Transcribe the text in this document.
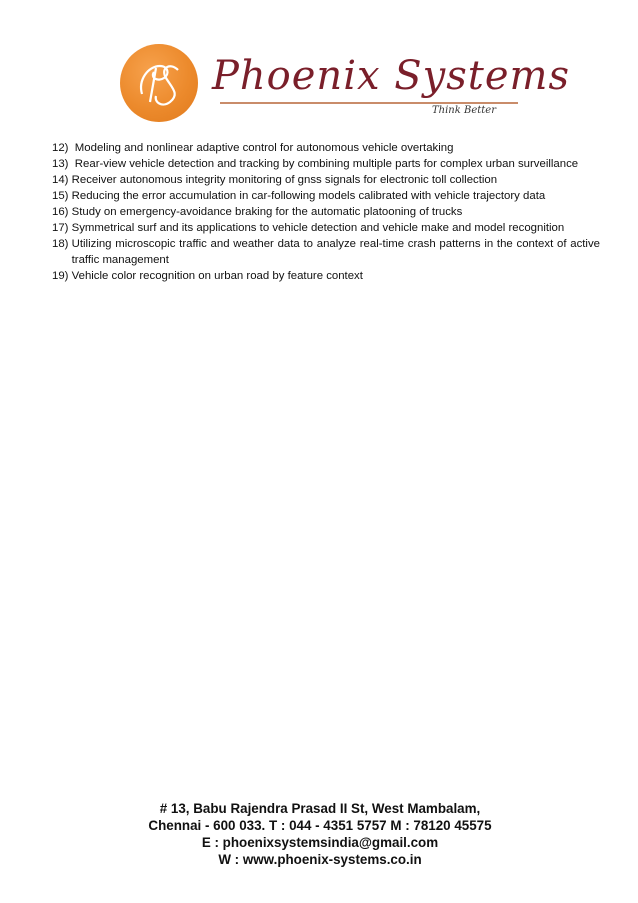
Phoenix Systems
Think Better
12) Modeling and nonlinear adaptive control for autonomous vehicle overtaking
13) Rear-view vehicle detection and tracking by combining multiple parts for complex urban surveillance
14) Receiver autonomous integrity monitoring of gnss signals for electronic toll collection
15) Reducing the error accumulation in car-following models calibrated with vehicle trajectory data
16) Study on emergency-avoidance braking for the automatic platooning of trucks
17) Symmetrical surf and its applications to vehicle detection and vehicle make and model recognition
18) Utilizing microscopic traffic and weather data to analyze real-time crash patterns in the context of active traffic management
19) Vehicle color recognition on urban road by feature context
# 13, Babu Rajendra Prasad II St, West Mambalam,
Chennai - 600 033. T : 044 - 4351 5757 M : 78120 45575
E : phoenixsystemsindia@gmail.com
W : www.phoenix-systems.co.in
